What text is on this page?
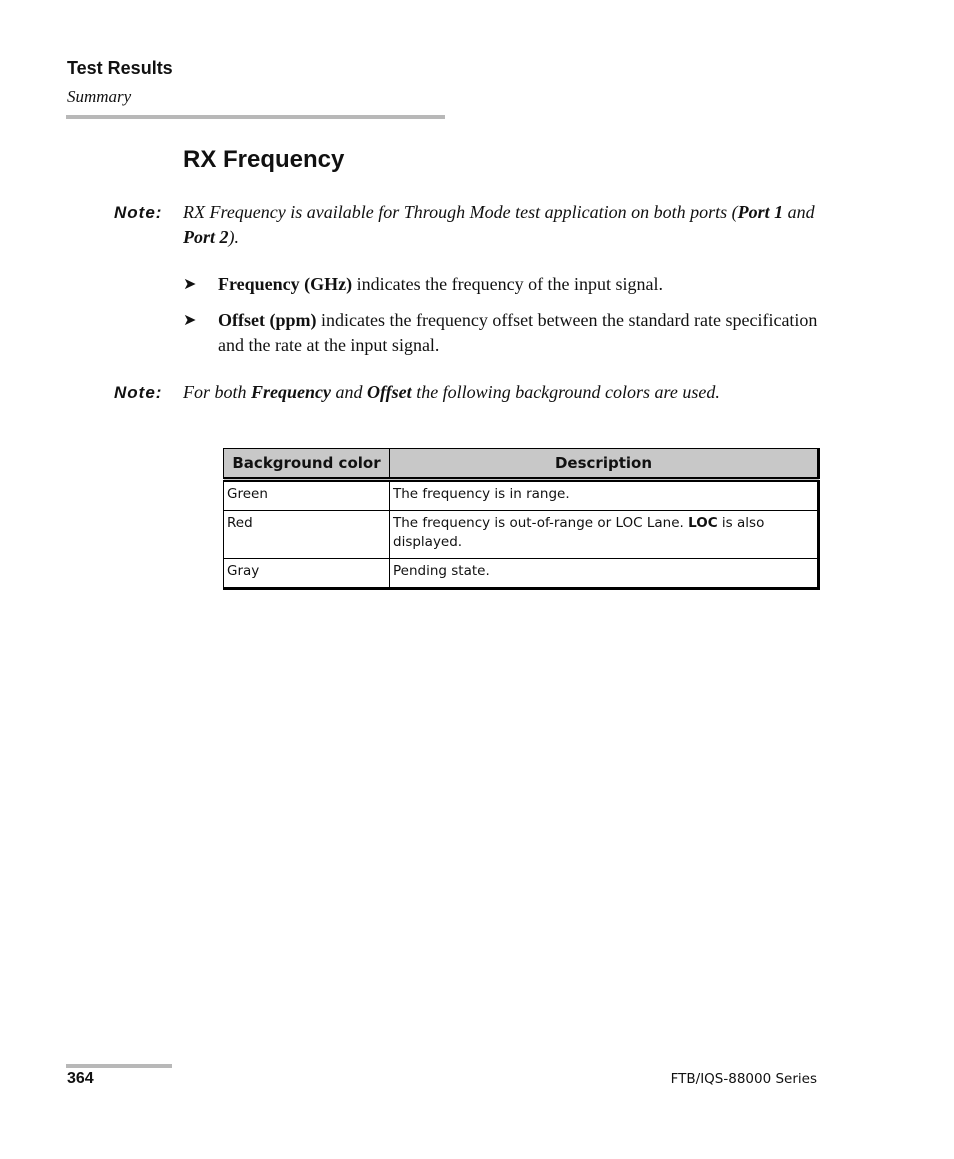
Test Results
Summary
RX Frequency
Note: RX Frequency is available for Through Mode test application on both ports (Port 1 and Port 2).
➤ Frequency (GHz) indicates the frequency of the input signal.
➤ Offset (ppm) indicates the frequency offset between the standard rate specification and the rate at the input signal.
Note: For both Frequency and Offset the following background colors are used.
Background color	Description
Green	The frequency is in range.
Red	The frequency is out-of-range or LOC Lane. LOC is also displayed.
Gray	Pending state.
364	FTB/IQS-88000 Series
